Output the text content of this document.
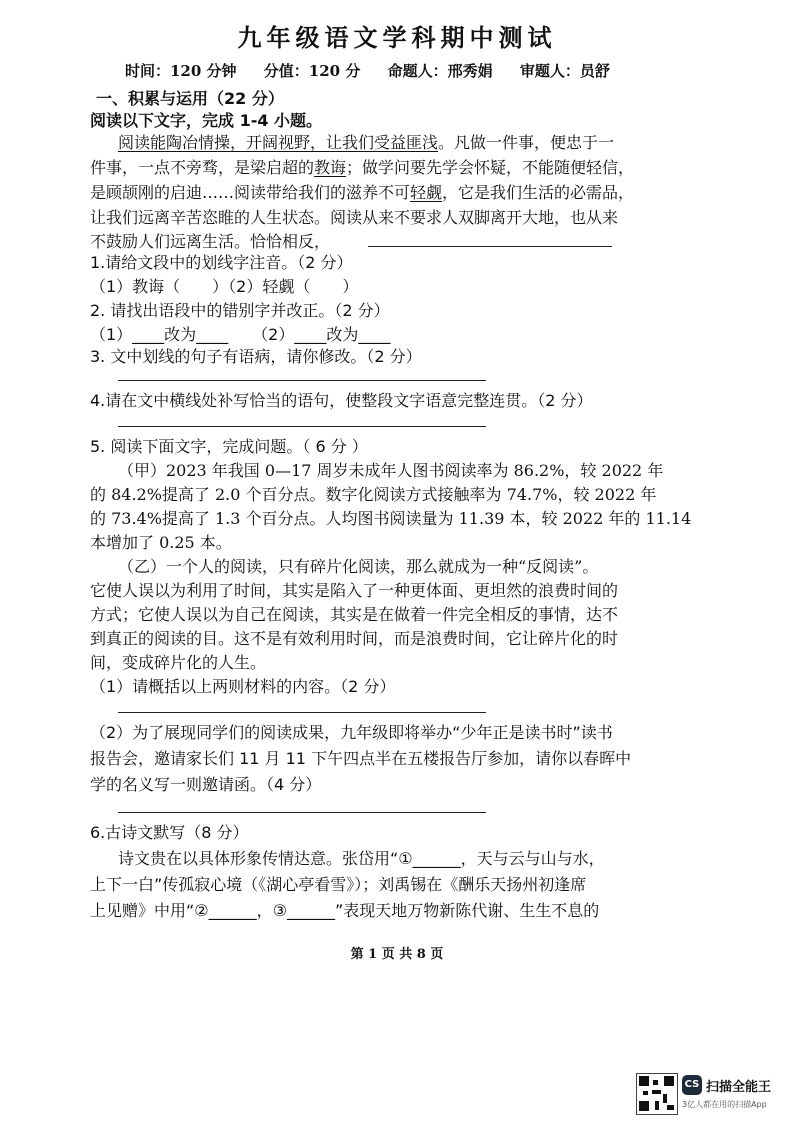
九年级语文学科期中测试
时间：120 分钟 分值：120 分 命题人：邢秀娟 审题人：员舒
一、积累与运用（22 分）
阅读以下文字，完成 1-4 小题。
阅读能陶冶情操，开阔视野，让我们受益匪浅。凡做一件事，便忠于一
件事，一点不旁骛，是梁启超的教诲；做学问要先学会怀疑，不能随便轻信，
是顾颉刚的启迪……阅读带给我们的滋养不可轻觑，它是我们生活的必需品，
让我们远离辛苦恣睢的人生状态。阅读从来不要求人双脚离开大地，也从来
不鼓励人们远离生活。恰恰相反，
1.请给文段中的划线字注音。（2 分）
（1）教诲（　　）（2）轻觑（　　）
2. 请找出语段中的错别字并改正。（2 分）
（1）____改为____　　（2）____改为____
3. 文中划线的句子有语病，请你修改。（2 分）
4.请在文中横线处补写恰当的语句，使整段文字语意完整连贯。（2 分）
5. 阅读下面文字，完成问题。（ 6 分 ）
（甲）2023 年我国 0—17 周岁未成年人图书阅读率为 86.2%，较 2022 年
的 84.2%提高了 2.0 个百分点。数字化阅读方式接触率为 74.7%，较 2022 年
的 73.4%提高了 1.3 个百分点。人均图书阅读量为 11.39 本，较 2022 年的 11.14
本增加了 0.25 本。
（乙）一个人的阅读，只有碎片化阅读，那么就成为一种“反阅读”。
它使人误以为利用了时间，其实是陷入了一种更体面、更坦然的浪费时间的
方式；它使人误以为自己在阅读，其实是在做着一件完全相反的事情，达不
到真正的阅读的目。这不是有效利用时间，而是浪费时间，它让碎片化的时
间，变成碎片化的人生。
（1）请概括以上两则材料的内容。（2 分）
（2）为了展现同学们的阅读成果，九年级即将举办“少年正是读书时”读书
报告会，邀请家长们 11 月 11 下午四点半在五楼报告厅参加，请你以春晖中
学的名义写一则邀请函。（4 分）
6.古诗文默写（8 分）
诗文贵在以具体形象传情达意。张岱用“①______，天与云与山与水，
上下一白”传孤寂心境（《湖心亭看雪》）；刘禹锡在《酬乐天扬州初逢席
上见赠》中用“②______，③______”表现天地万物新陈代谢、生生不息的
第 1 页 共 8 页
CS 扫描全能王
3亿人都在用的扫描App
